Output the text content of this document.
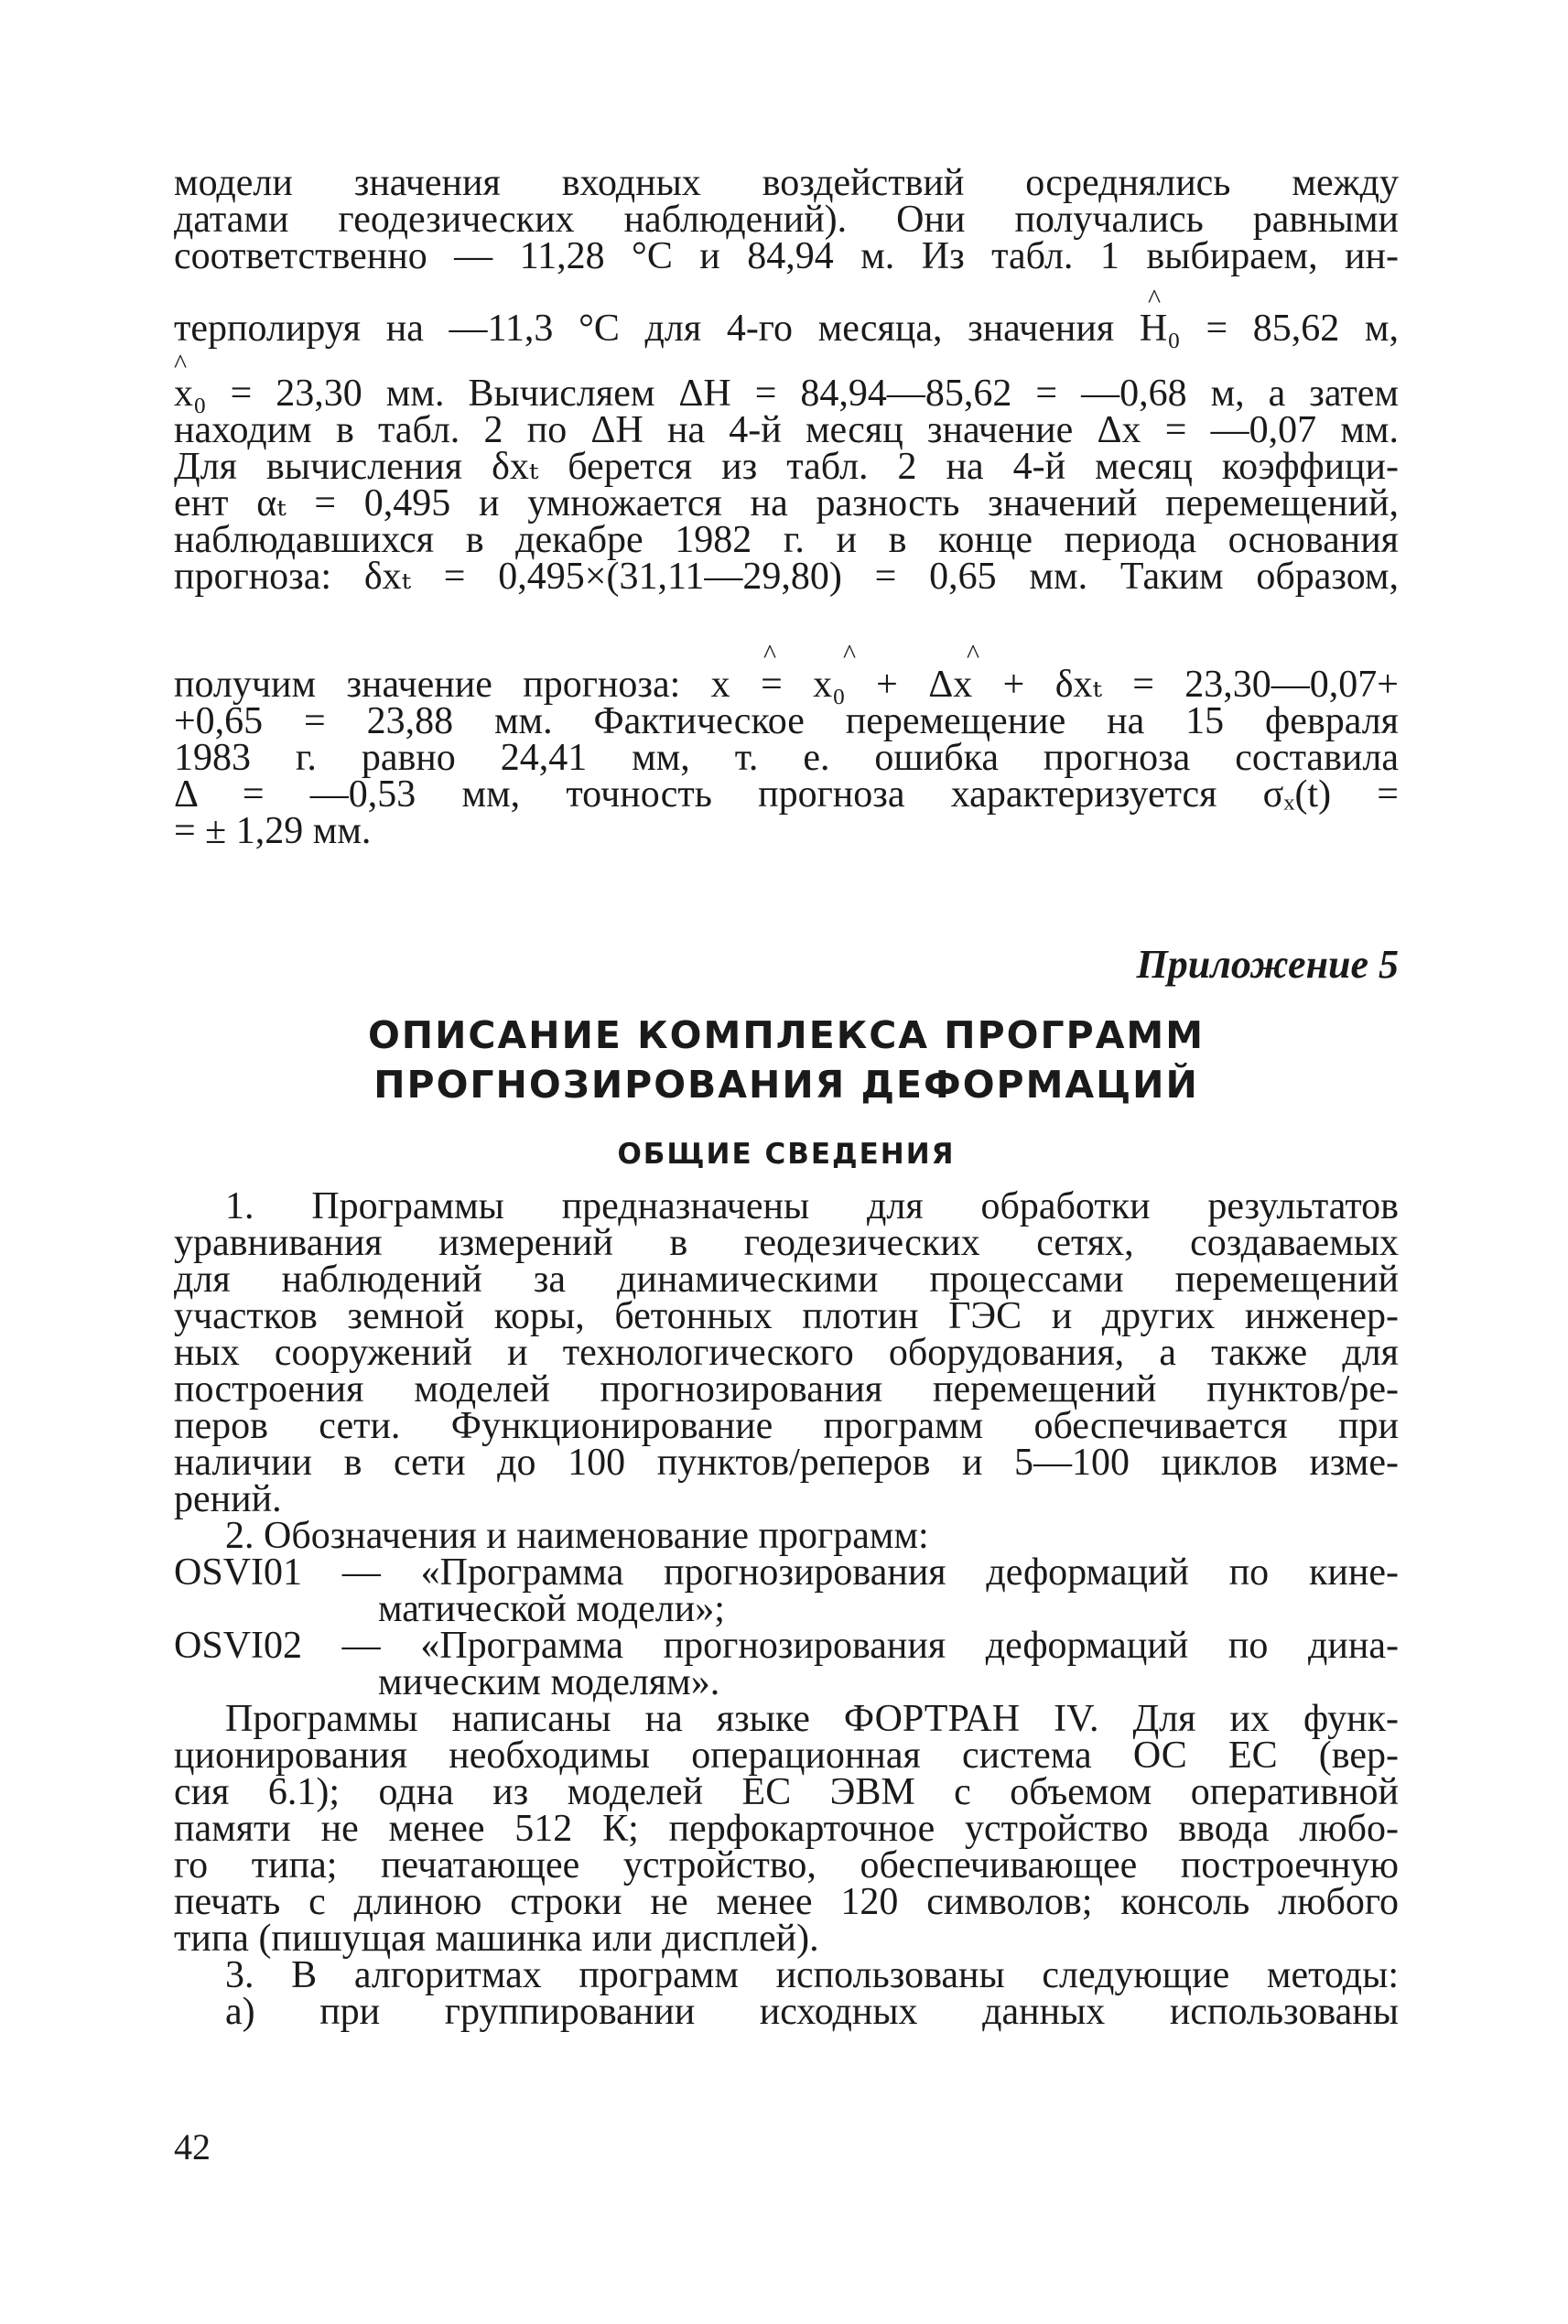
модели значения входных воздействий осреднялись между
датами геодезических наблюдений). Они получались равными
соответственно — 11,28 °С и 84,94 м. Из табл. 1 выбираем, ин-
терполируя на —11,3 °С для 4-го месяца, значения H₀ = 85,62 м,
x₀ = 23,30 мм. Вычисляем ΔH = 84,94—85,62 = —0,68 м, а затем
находим в табл. 2 по ΔH на 4-й месяц значение Δx = —0,07 мм.
Для вычисления δxₜ берется из табл. 2 на 4-й месяц коэффици-
ент αₜ = 0,495 и умножается на разность значений перемещений,
наблюдавшихся в декабре 1982 г. и в конце периода основания
прогноза: δxₜ = 0,495×(31,11—29,80) = 0,65 мм. Таким образом,
получим значение прогноза: x = x₀ + Δx + δxₜ = 23,30—0,07+
+0,65 = 23,88 мм. Фактическое перемещение на 15 февраля
1983 г. равно 24,41 мм, т. е. ошибка прогноза составила
Δ = —0,53 мм, точность прогноза характеризуется σₓ(t) =
= ± 1,29 мм.
^
^
^ ^	^

Приложение 5

ОПИСАНИЕ КОМПЛЕКСА ПРОГРАММ
ПРОГНОЗИРОВАНИЯ ДЕФОРМАЦИЙ

ОБЩИЕ СВЕДЕНИЯ

1. Программы предназначены для обработки результатов
уравнивания измерений в геодезических сетях, создаваемых
для наблюдений за динамическими процессами перемещений
участков земной коры, бетонных плотин ГЭС и других инженер-
ных сооружений и технологического оборудования, а также для
построения моделей прогнозирования перемещений пунктов/ре-
перов сети. Функционирование программ обеспечивается при
наличии в сети до 100 пунктов/реперов и 5—100 циклов изме-
рений.
2. Обозначения и наименование программ:
OSVI01 — «Программа прогнозирования деформаций по кине-
матической модели»;
OSVI02 — «Программа прогнозирования деформаций по дина-
мическим моделям».
Программы написаны на языке ФОРТРАН IV. Для их функ-
ционирования необходимы операционная система ОС ЕС (вер-
сия 6.1); одна из моделей ЕС ЭВМ с объемом оперативной
памяти не менее 512 К; перфокарточное устройство ввода любо-
го типа; печатающее устройство, обеспечивающее построечную
печать с длиною строки не менее 120 символов; консоль любого
типа (пишущая машинка или дисплей).
3. В алгоритмах программ использованы следующие методы:
а) при группировании исходных данных использованы

42
